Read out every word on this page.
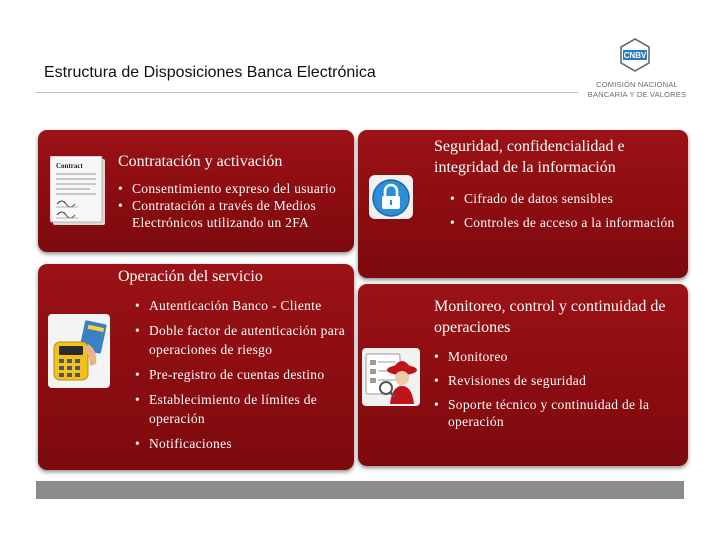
Estructura de Disposiciones Banca Electrónica
CNBV
COMISIÓN NACIONAL
BANCARIA Y DE VALORES
Contract Contratación y activación
• Consentimiento expreso del usuario
• Contratación a través de Medios Electrónicos utilizando un 2FA
Seguridad, confidencialidad e integridad de la información
• Cifrado de datos sensibles
• Controles de acceso a la información
Operación del servicio
• Autenticación Banco - Cliente
• Doble factor de autenticación para operaciones de riesgo
• Pre-registro de cuentas destino
• Establecimiento de límites de operación
• Notificaciones
Monitoreo, control y continuidad de operaciones
• Monitoreo
• Revisiones de seguridad
• Soporte técnico y continuidad de la operación
